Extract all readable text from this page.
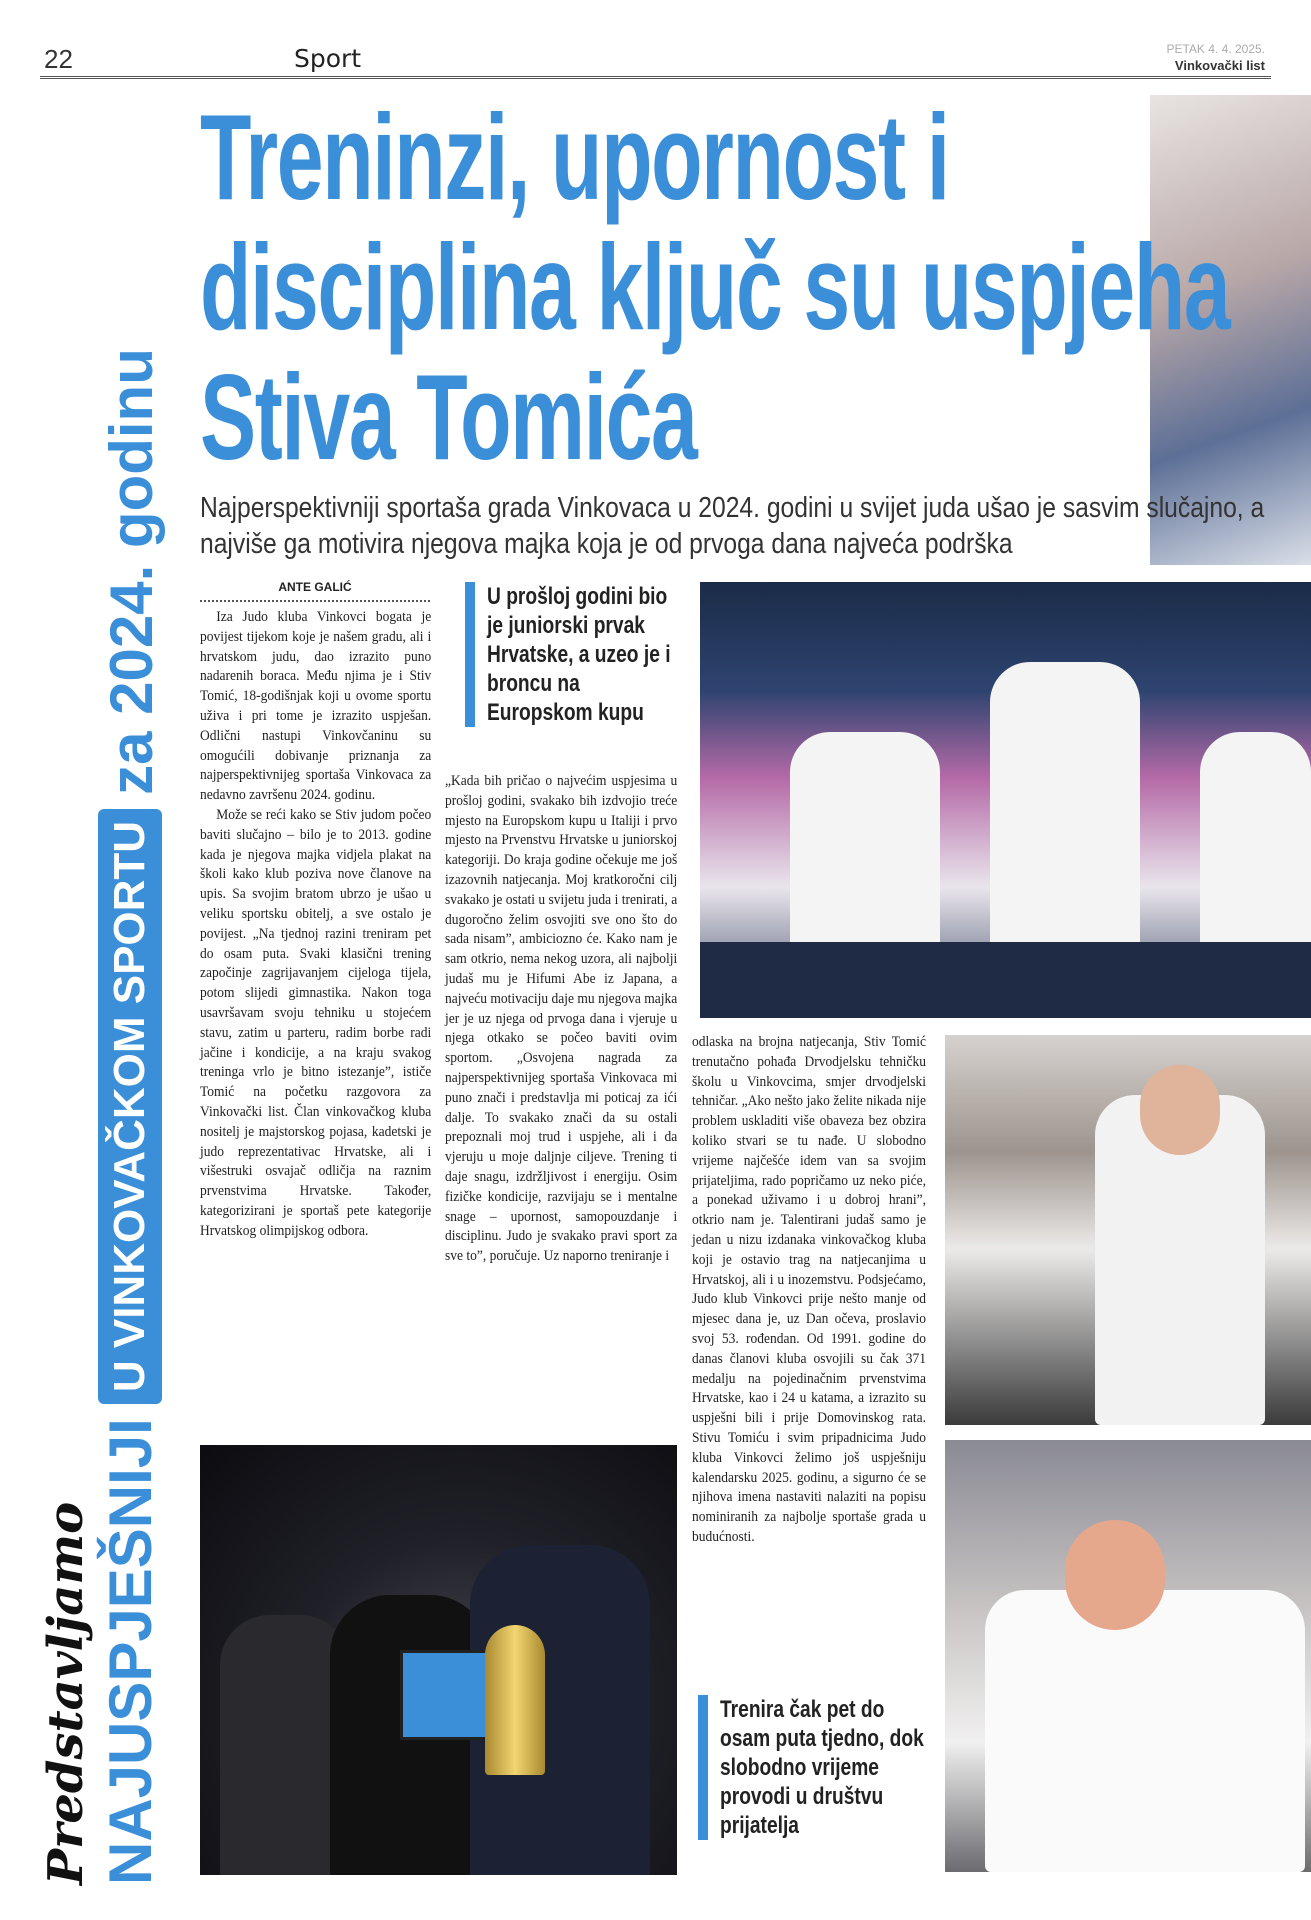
22	Sport	PETAK 4. 4. 2025.
Vinkovački list
Predstavljamo NAJUSPJEŠNIJI
U VINKOVAČKOM SPORTU
za 2024. godinu
Treninzi, upornost i disciplina ključ su uspjeha Stiva Tomića
Najperspektivniji sportaša grada Vinkovaca u 2024. godini u svijet juda ušao je sasvim slučajno, a najviše ga motivira njegova majka koja je od prvoga dana najveća podrška
ANTE GALIĆ

Iza Judo kluba Vinkovci bogata je povijest tijekom koje je našem gradu, ali i hrvatskom judu, dao izrazito puno nadarenih boraca. Među njima je i Stiv Tomić, 18-godišnjak koji u ovome sportu uživa i pri tome je izrazito uspješan. Odlični nastupi Vinkovčaninu su omogućili dobivanje priznanja za najperspektivnijeg sportaša Vinkovaca za nedavno završenu 2024. godinu.

Može se reći kako se Stiv judom počeo baviti slučajno – bilo je to 2013. godine kada je njegova majka vidjela plakat na školi kako klub poziva nove članove na upis. Sa svojim bratom ubrzo je ušao u veliku sportsku obitelj, a sve ostalo je povijest. „Na tjednoj razini treniram pet do osam puta. Svaki klasični trening započinje zagrijavanjem cijeloga tijela, potom slijedi gimnastika. Nakon toga usavršavam svoju tehniku u stojećem stavu, zatim u parteru, radim borbe radi jačine i kondicije, a na kraju svakog treninga vrlo je bitno istezanje”, ističe Tomić na početku razgovora za Vinkovački list. Član vinkovačkog kluba nositelj je majstorskog pojasa, kadetski je judo reprezentativac Hrvatske, ali i višestruki osvajač odličja na raznim prvenstvima Hrvatske. Također, kategorizirani je sportaš pete kategorije Hrvatskog olimpijskog odbora.

U prošloj godini bio je juniorski prvak Hrvatske, a uzeo je i broncu na Europskom kupu

„Kada bih pričao o najvećim uspjesima u prošloj godini, svakako bih izdvojio treće mjesto na Europskom kupu u Italiji i prvo mjesto na Prvenstvu Hrvatske u juniorskoj kategoriji. Do kraja godine očekuje me još izazovnih natjecanja. Moj kratkoročni cilj svakako je ostati u svijetu juda i trenirati, a dugoročno želim osvojiti sve ono što do sada nisam”, ambiciozno će. Kako nam je sam otkrio, nema nekog uzora, ali najbolji judaš mu je Hifumi Abe iz Japana, a najveću motivaciju daje mu njegova majka jer je uz njega od prvoga dana i vjeruje u njega otkako se počeo baviti ovim sportom. „Osvojena nagrada za najperspektivnijeg sportaša Vinkovaca mi puno znači i predstavlja mi poticaj za ići dalje. To svakako znači da su ostali prepoznali moj trud i uspjehe, ali i da vjeruju u moje daljnje ciljeve. Trening ti daje snagu, izdržljivost i energiju. Osim fizičke kondicije, razvijaju se i mentalne snage – upornost, samopouzdanje i disciplinu. Judo je svakako pravi sport za sve to”, poručuje. Uz naporno treniranje i

odlaska na brojna natjecanja, Stiv Tomić trenutačno pohađa Drvodjelsku tehničku školu u Vinkovcima, smjer drvodjelski tehničar. „Ako nešto jako želite nikada nije problem uskladiti više obaveza bez obzira koliko stvari se tu nađe. U slobodno vrijeme najčešće idem van sa svojim prijateljima, rado popričamo uz neko piće, a ponekad uživamo i u dobroj hrani”, otkrio nam je. Talentirani judaš samo je jedan u nizu izdanaka vinkovačkog kluba koji je ostavio trag na natjecanjima u Hrvatskoj, ali i u inozemstvu. Podsjećamo, Judo klub Vinkovci prije nešto manje od mjesec dana je, uz Dan očeva, proslavio svoj 53. rođendan. Od 1991. godine do danas članovi kluba osvojili su čak 371 medalju na pojedinačnim prvenstvima Hrvatske, kao i 24 u katama, a izrazito su uspješni bili i prije Domovinskog rata. Stivu Tomiću i svim pripadnicima Judo kluba Vinkovci želimo još uspješniju kalendarsku 2025. godinu, a sigurno će se njihova imena nastaviti nalaziti na popisu nominiranih za najbolje sportaše grada u budućnosti.

Trenira čak pet do osam puta tjedno, dok slobodno vrijeme provodi u društvu prijatelja
